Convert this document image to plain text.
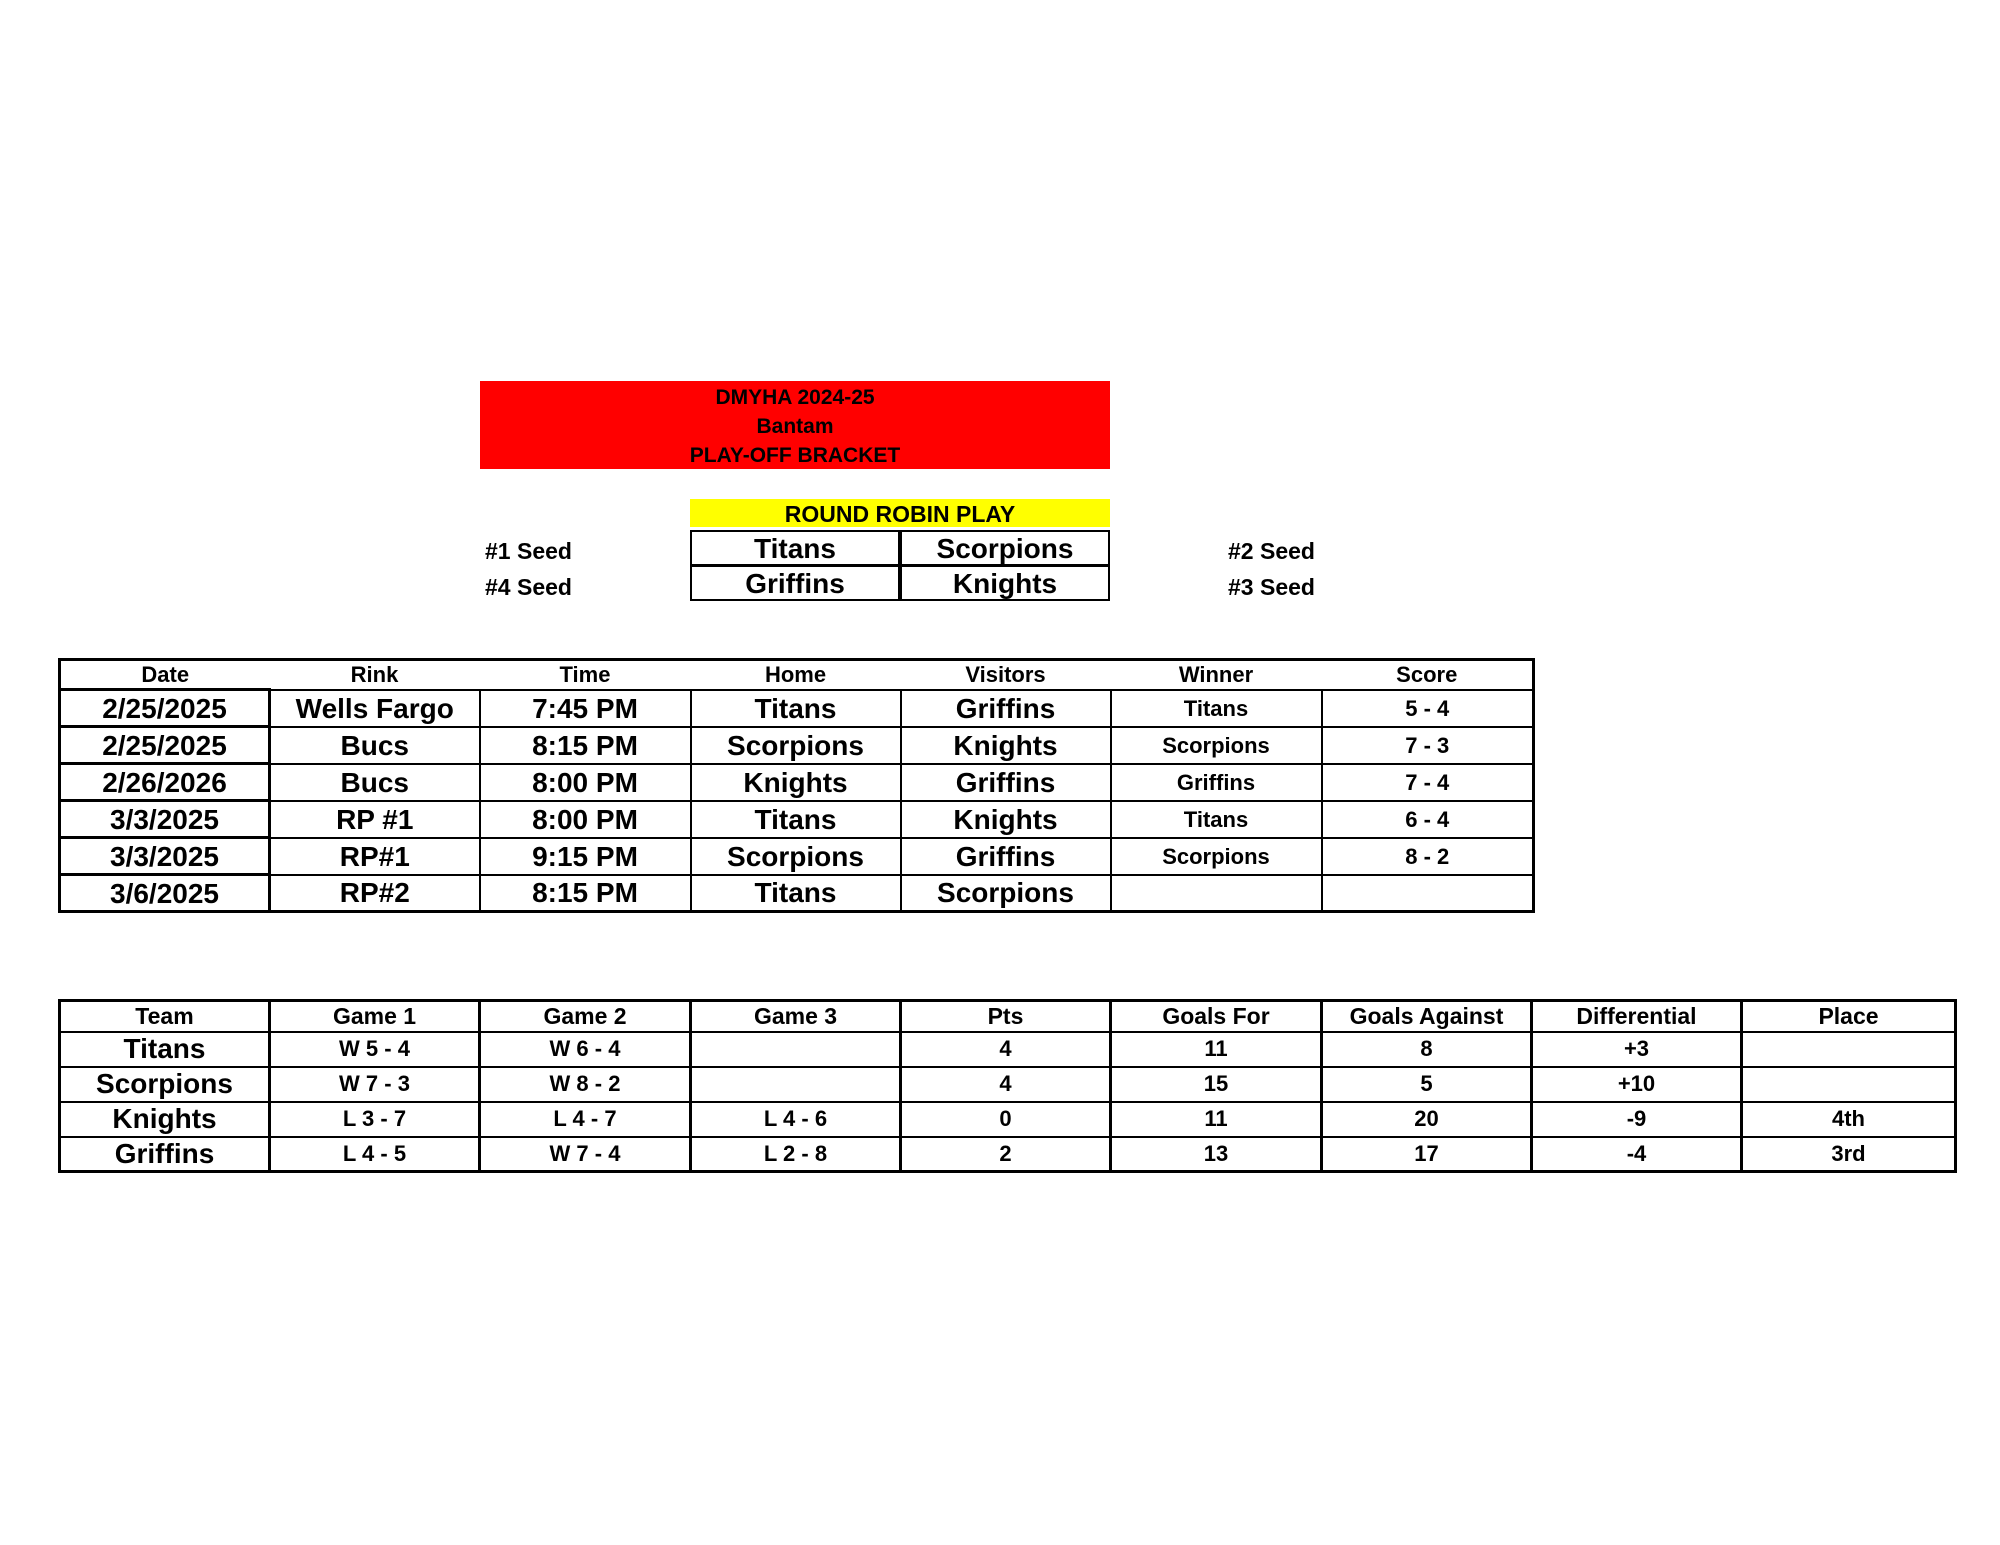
DMYHA 2024-25
Bantam
PLAY-OFF BRACKET
ROUND ROBIN PLAY
#1 Seed
#4 Seed
#2 Seed
#3 Seed
Titans	Scorpions
Griffins	Knights
Date	Rink	Time	Home	Visitors	Winner	Score
2/25/2025	Wells Fargo	7:45 PM	Titans	Griffins	Titans	5 - 4
2/25/2025	Bucs	8:15 PM	Scorpions	Knights	Scorpions	7 - 3
2/26/2026	Bucs	8:00 PM	Knights	Griffins	Griffins	7 - 4
3/3/2025	RP #1	8:00 PM	Titans	Knights	Titans	6 - 4
3/3/2025	RP#1	9:15 PM	Scorpions	Griffins	Scorpions	8 - 2
3/6/2025	RP#2	8:15 PM	Titans	Scorpions		
Team	Game 1	Game 2	Game 3	Pts	Goals For	Goals Against	Differential	Place
Titans	W 5 - 4	W 6 - 4		4	11	8	+3	
Scorpions	W 7 - 3	W 8 - 2		4	15	5	+10	
Knights	L 3 - 7	L 4 - 7	L 4 - 6	0	11	20	-9	4th
Griffins	L 4 - 5	W 7 - 4	L 2 - 8	2	13	17	-4	3rd
